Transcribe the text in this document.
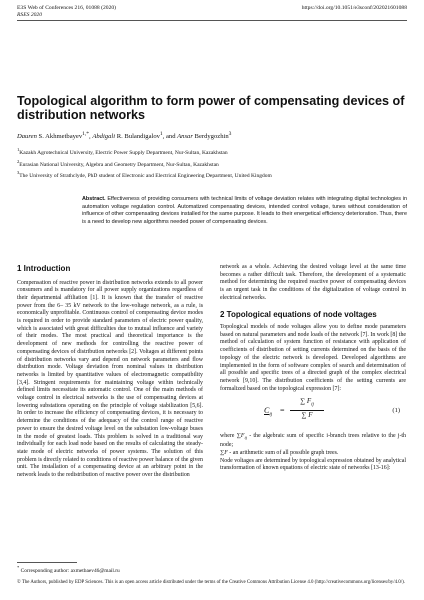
E3S Web of Conferences 216, 01088 (2020)
RSES 2020
https://doi.org/10.1051/e3sconf/202021601088
Topological algorithm to form power of compensating devices of distribution networks
Dauren S. Akhmetbayev$^{1,*}$, Abdigali R. Bulandigalov$^1$, and Ansar Berdygozhin$^3$
$^1$Kazakh Agrotechnical University, Electric Power Supply Department, Nur-Sultan, Kazakhstan
$^2$Eurasian National University, Algebra and Geometry Department, Nur-Sultan, Kazakhstan
$^3$The University of Strathclyde, PhD student of Electronic and Electrical Engineering Department, United Kingdom
Abstract. Effectiveness of providing consumers with technical limits of voltage deviation relates with integrating digital technologies in automation voltage regulation control. Automatized compensating devices, intended control voltage, tunes without consideration of influence of other compensating devices installed for the same purpose. It leads to their energetical efficiency deterioration. Thus, there is a need to develop new algorithms needed power of compensating devices.
1 Introduction

Compensation of reactive power in distribution networks extends to all power consumers and is mandatory for all power supply organizations regardless of their departmental affiliation [1]. It is known that the transfer of reactive power from the 6– 35 kV network to the low-voltage network, as a rule, is economically unprofitable. Continuous control of compensating device modes is required in order to provide standard parameters of electric power quality, which is associated with great difficulties due to mutual influence and variety of their modes. The most practical and theoretical importance is the development of new methods for controlling the reactive power of compensating devices of distribution networks [2]. Voltages at different points of distribution networks vary and depend on network parameters and flow distribution mode. Voltage deviation from nominal values in distribution networks is limited by quantitative values of electromagnetic compatibility [3,4]. Stringent requirements for maintaining voltage within technically defined limits necessitate its automatic control. One of the main methods of voltage control in electrical networks is the use of compensating devices at lowering substations operating on the principle of voltage stabilization [5,6]. In order to increase the efficiency of compensating devices, it is necessary to determine the conditions of the adequacy of the control range of reactive power to ensure the desired voltage level on the substation low-voltage buses in the mode of greatest loads. This problem is solved in a traditional way individually for each load node based on the results of calculating the steady-state mode of electric networks of power systems. The solution of this problem is directly related to conditions of reactive power balance of the given unit. The installation of a compensating device at an arbitrary point in the network leads to the redistribution of reactive power over the distribution

network as a whole. Achieving the desired voltage level at the same time becomes a rather difficult task. Therefore, the development of a systematic method for determining the required reactive power of compensating devices is an urgent task in the conditions of the digitalization of voltage control in electrical networks.

2 Topological equations of node voltages

Topological models of node voltages allow you to define mode parameters based on natural parameters and node loads of the network [7]. In work [8] the method of calculation of system function of resistance with application of coefficients of distribution of setting currents determined on the basis of the topology of the electric network is developed. Developed algorithms are implemented in the form of software complex of search and determination of all possible and specific trees of a directed graph of the complex electrical network [9,10]. The distribution coefficients of the setting currents are formalized based on the topological expression [7]:

$C_{ij}$
=
∑ $F_{ij}$
∑ F
(1)

where $\sum F_{ij}$ - the algebraic sum of specific i-branch trees relative to the j-th node;

∑F - an arithmetic sum of all possible graph trees.

Node voltages are determined by topological expression obtained by analytical transformation of known equations of electric state of networks [13-16]:

* Corresponding author: axmetbaev46@mail.ru
© The Authors, published by EDP Sciences. This is an open access article distributed under the terms of the Creative Commons Attribution License 4.0 (http://creativecommons.org/licenses/by/4.0/).
